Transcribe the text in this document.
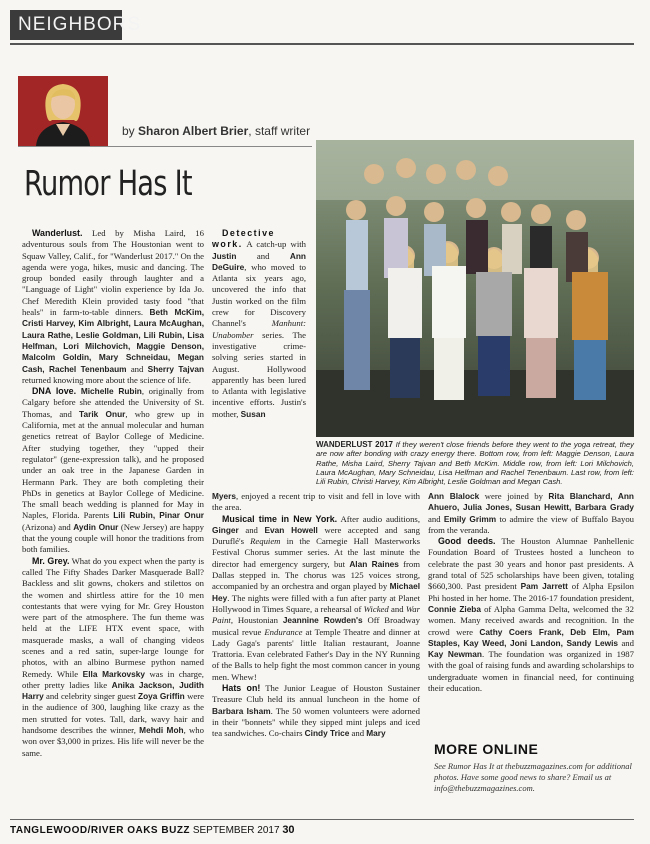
NEIGHBORS
by Sharon Albert Brier, staff writer
Rumor Has It

Wanderlust. Led by Misha Laird, 16 adventurous souls from The Houstonian went to Squaw Valley, Calif., for "Wanderlust 2017." On the agenda were yoga, hikes, music and dancing. The group bonded easily through laughter and a "Language of Light" violin experience by Ida Jo. Chef Meredith Klein provided tasty food "that heals" in farm-to-table dinners. Beth McKim, Cristi Harvey, Kim Albright, Laura McAughan, Laura Rathe, Leslie Goldman, Lili Rubin, Lisa Helfman, Lori Milchovich, Maggie Denson, Malcolm Goldin, Mary Schneidau, Megan Cash, Rachel Tenenbaum and Sherry Tajvan returned knowing more about the science of life.

DNA love. Michelle Rubin, originally from Calgary before she attended the University of St. Thomas, and Tarik Onur, who grew up in California, met at the annual molecular and human genetics retreat of Baylor College of Medicine. After studying together, they "upped their regulator" (gene-expression talk), and he proposed under an oak tree in the Japanese Garden in Hermann Park. They are both completing their PhDs in genetics at Baylor College of Medicine. The small beach wedding is planned for May in Naples, Florida. Parents Lili Rubin, Pinar Onur (Arizona) and Aydin Onur (New Jersey) are happy that the young couple will honor the traditions from both families.

Mr. Grey. What do you expect when the party is called The Fifty Shades Darker Masquerade Ball? Backless and slit gowns, chokers and stilettos on the women and shirtless attire for the 10 men contestants that were vying for Mr. Grey Houston were part of the atmosphere. The fun theme was held at the LIFE HTX event space, with masquerade masks, a wall of changing videos scenes and a red satin, super-large lounge for photos, with an albino Burmese python named Remedy. While Ella Markovsky was in charge, other pretty ladies like Anika Jackson, Judith Harry and celebrity singer guest Zoya Griffin were in the audience of 300, laughing like crazy as the men strutted for votes. Tall, dark, wavy hair and handsome describes the winner, Mehdi Moh, who won over $3,000 in prizes. His life will never be the same.

Detective work. A catch-up with Justin and Ann DeGuire, who moved to Atlanta six years ago, uncovered the info that Justin worked on the film crew for Discovery Channel's Manhunt: Unabomber series. The investigative crime-solving series started in August. Hollywood apparently has been lured to Atlanta with legislative incentive efforts. Justin's mother, Susan

Myers, enjoyed a recent trip to visit and fell in love with the area.

Musical time in New York. After audio auditions, Ginger and Evan Howell were accepted and sang Duruflé's Requiem in the Carnegie Hall Masterworks Festival Chorus summer series. At the last minute the director had emergency surgery, but Alan Raines from Dallas stepped in. The chorus was 125 voices strong, accompanied by an orchestra and organ played by Michael Hey. The nights were filled with a fun after party at Planet Hollywood in Times Square, a rehearsal of Wicked and War Paint, Houstonian Jeannine Rowden's Off Broadway musical revue Endurance at Temple Theatre and dinner at Lady Gaga's parents' little Italian restaurant, Joanne Trattoria. Evan celebrated Father's Day in the NY Running of the Balls to help fight the most common cancer in young men. Whew!

Hats on! The Junior League of Houston Sustainer Treasure Club held its annual luncheon in the home of Barbara Isham. The 50 women volunteers were adorned in their "bonnets" while they sipped mint juleps and iced tea sandwiches. Co-chairs Cindy Trice and Mary

Ann Blalock were joined by Rita Blanchard, Ann Ahuero, Julia Jones, Susan Hewitt, Barbara Grady and Emily Grimm to admire the view of Buffalo Bayou from the veranda.

Good deeds. The Houston Alumnae Panhellenic Foundation Board of Trustees hosted a luncheon to celebrate the past 30 years and honor past presidents. A grand total of 525 scholarships have been given, totaling $660,300. Past president Pam Jarrett of Alpha Epsilon Phi hosted in her home. The 2016-17 foundation president, Connie Zieba of Alpha Gamma Delta, welcomed the 32 women. Many received awards and recognition. In the crowd were Cathy Coers Frank, Deb Elm, Pam Staples, Kay Weed, Joni Landon, Sandy Lewis and Kay Newman. The foundation was organized in 1987 with the goal of raising funds and awarding scholarships to undergraduate women in financial need, for continuing their education.

WANDERLUST 2017 If they weren't close friends before they went to the yoga retreat, they are now after bonding with crazy energy there. Bottom row, from left: Maggie Denson, Laura Rathe, Misha Laird, Sherry Tajvan and Beth McKim. Middle row, from left: Lori Milchovich, Laura McAughan, Mary Schneidau, Lisa Helfman and Rachel Tenenbaum. Last row, from left: Lili Rubin, Christi Harvey, Kim Albright, Leslie Goldman and Megan Cash.
MORE ONLINE
See Rumor Has It at thebuzzmagazines.com for additional photos. Have some good news to share? Email us at info@thebuzzmagazines.com.
TANGLEWOOD/RIVER OAKS BUZZ SEPTEMBER 2017 30
